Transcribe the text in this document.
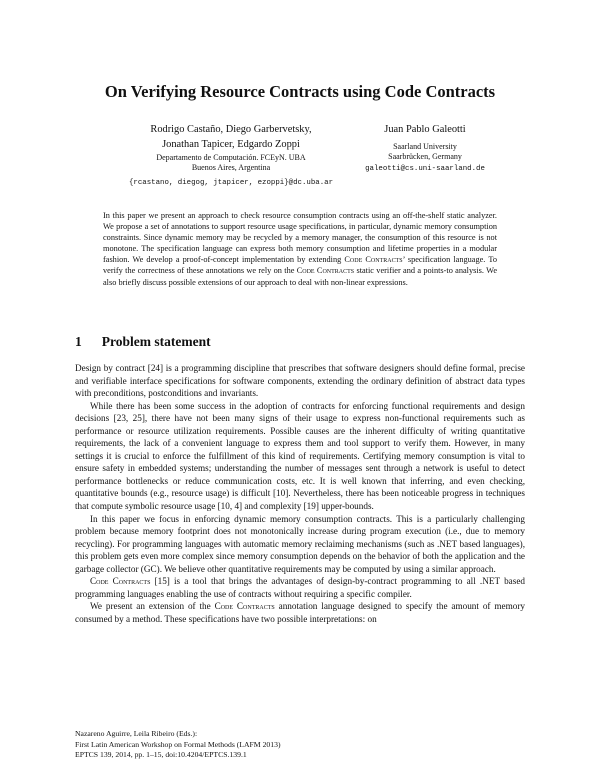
On Verifying Resource Contracts using Code Contracts
Rodrigo Castaño, Diego Garbervetsky,
Jonathan Tapicer, Edgardo Zoppi
Departamento de Computación. FCEyN. UBA
Buenos Aires, Argentina
{rcastano, diegog, jtapicer, ezoppi}@dc.uba.ar
Juan Pablo Galeotti
Saarland University
Saarbrücken, Germany
galeotti@cs.uni-saarland.de
In this paper we present an approach to check resource consumption contracts using an off-the-shelf static analyzer. We propose a set of annotations to support resource usage specifications, in particular, dynamic memory consumption constraints. Since dynamic memory may be recycled by a memory manager, the consumption of this resource is not monotone. The specification language can express both memory consumption and lifetime properties in a modular fashion. We develop a proof-of-concept implementation by extending Code Contracts’ specification language. To verify the correctness of these annotations we rely on the Code Contracts static verifier and a points-to analysis. We also briefly discuss possible extensions of our approach to deal with non-linear expressions.
1 Problem statement

Design by contract [24] is a programming discipline that prescribes that software designers should define formal, precise and verifiable interface specifications for software components, extending the ordinary definition of abstract data types with preconditions, postconditions and invariants.

While there has been some success in the adoption of contracts for enforcing functional requirements and design decisions [23, 25], there have not been many signs of their usage to express non-functional requirements such as performance or resource utilization requirements. Possible causes are the inherent difficulty of writing quantitative requirements, the lack of a convenient language to express them and tool support to verify them. However, in many settings it is crucial to enforce the fulfillment of this kind of requirements. Certifying memory consumption is vital to ensure safety in embedded systems; understanding the number of messages sent through a network is useful to detect performance bottlenecks or reduce communication costs, etc. It is well known that inferring, and even checking, quantitative bounds (e.g., resource usage) is difficult [10]. Nevertheless, there has been noticeable progress in techniques that compute symbolic resource usage [10, 4] and complexity [19] upper-bounds.

In this paper we focus in enforcing dynamic memory consumption contracts. This is a particularly challenging problem because memory footprint does not monotonically increase during program execution (i.e., due to memory recycling). For programming languages with automatic memory reclaiming mechanisms (such as .NET based languages), this problem gets even more complex since memory consumption depends on the behavior of both the application and the garbage collector (GC). We believe other quantitative requirements may be computed by using a similar approach.

Code Contracts [15] is a tool that brings the advantages of design-by-contract programming to all .NET based programming languages enabling the use of contracts without requiring a specific compiler.

We present an extension of the Code Contracts annotation language designed to specify the amount of memory consumed by a method. These specifications have two possible interpretations: on

Nazareno Aguirre, Leila Ribeiro (Eds.):
First Latin American Workshop on Formal Methods (LAFM 2013)
EPTCS 139, 2014, pp. 1–15, doi:10.4204/EPTCS.139.1
